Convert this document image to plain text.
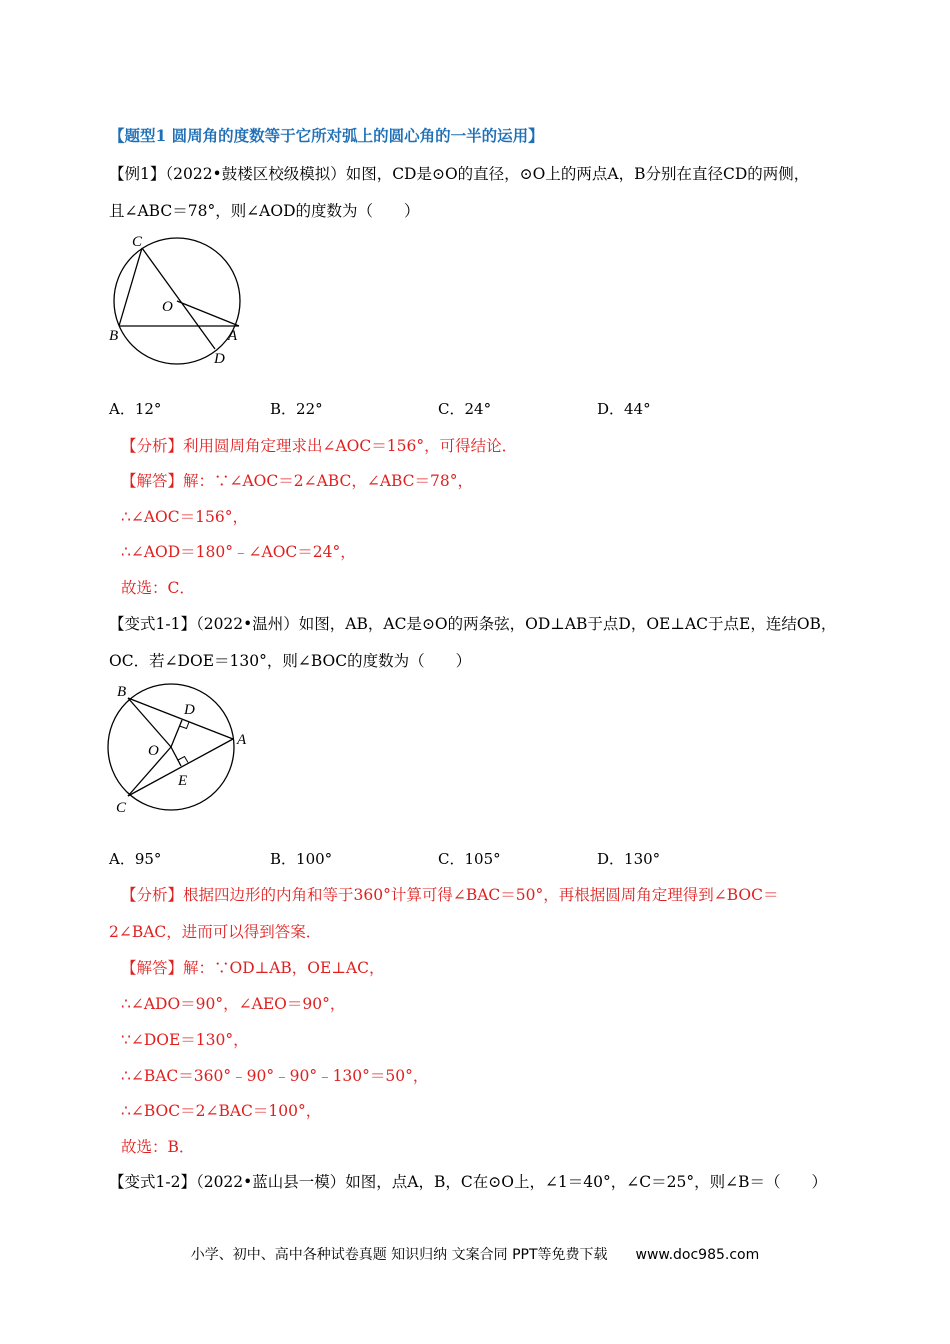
【题型1 圆周角的度数等于它所对弧上的圆心角的一半的运用】
【例1】（2022•鼓楼区校级模拟）如图，CD是⊙O的直径，⊙O上的两点A，B分别在直径CD的两侧，
且∠ABC＝78°，则∠AOD的度数为（　　）
C
O
B	A
D
A．12°	B．22°	C．24°	D．44°
【分析】利用圆周角定理求出∠AOC＝156°，可得结论．
【解答】解：∵∠AOC＝2∠ABC，∠ABC＝78°，
∴∠AOC＝156°，
∴∠AOD＝180°﹣∠AOC＝24°，
故选：C．
【变式1-1】（2022•温州）如图，AB，AC是⊙O的两条弦，OD⊥AB于点D，OE⊥AC于点E，连结OB，
OC．若∠DOE＝130°，则∠BOC的度数为（　　）
B
D
O
A
E
C
A．95°	B．100°	C．105°	D．130°
【分析】根据四边形的内角和等于360°计算可得∠BAC＝50°，再根据圆周角定理得到∠BOC＝
2∠BAC，进而可以得到答案．
【解答】解：∵OD⊥AB，OE⊥AC，
∴∠ADO＝90°，∠AEO＝90°，
∵∠DOE＝130°，
∴∠BAC＝360°﹣90°﹣90°﹣130°＝50°，
∴∠BOC＝2∠BAC＝100°，
故选：B．
【变式1-2】（2022•蓝山县一模）如图，点A，B，C在⊙O上，∠1＝40°，∠C＝25°，则∠B＝（　　）
小学、初中、高中各种试卷真题 知识归纳 文案合同 PPT等免费下载　　www.doc985.com
